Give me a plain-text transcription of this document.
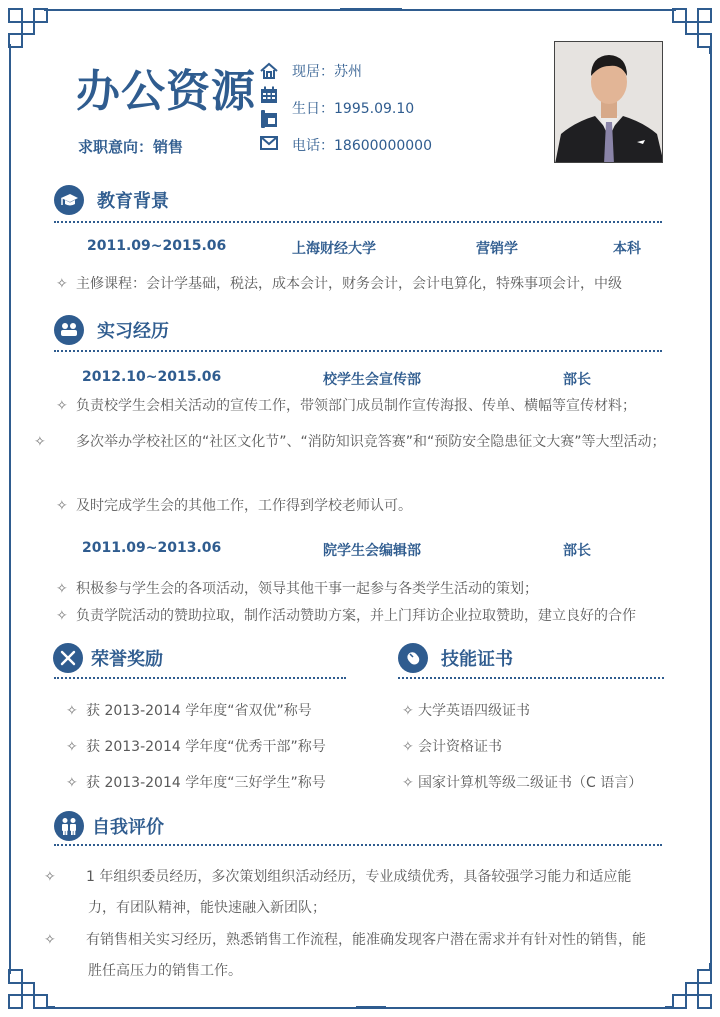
办公资源
求职意向：销售
现居：苏州
生日：1995.09.10
电话：18600000000
教育背景
2011.09~2015.06	上海财经大学	营销学	本科
✧ 主修课程：会计学基础，税法，成本会计，财务会计，会计电算化，特殊事项会计，中级
实习经历
2012.10~2015.06	校学生会宣传部	部长
✧ 负责校学生会相关活动的宣传工作，带领部门成员制作宣传海报、传单、横幅等宣传材料；
✧ 多次举办学校社区的“社区文化节”、“消防知识竞答赛”和“预防安全隐患征文大赛”等大型活动；
✧ 及时完成学生会的其他工作，工作得到学校老师认可。
2011.09~2013.06	院学生会编辑部	部长
✧ 积极参与学生会的各项活动，领导其他干事一起参与各类学生活动的策划；
✧ 负责学院活动的赞助拉取，制作活动赞助方案，并上门拜访企业拉取赞助，建立良好的合作
荣誉奖励
✧ 获 2013-2014 学年度“省双优”称号
✧ 获 2013-2014 学年度“优秀干部”称号
✧ 获 2013-2014 学年度“三好学生”称号
技能证书
✧ 大学英语四级证书
✧ 会计资格证书
✧ 国家计算机等级二级证书（C 语言）
自我评价
✧ 1 年组织委员经历，多次策划组织活动经历，专业成绩优秀，具备较强学习能力和适应能力，有团队精神，能快速融入新团队；
✧ 有销售相关实习经历，熟悉销售工作流程，能准确发现客户潜在需求并有针对性的销售，能胜任高压力的销售工作。
